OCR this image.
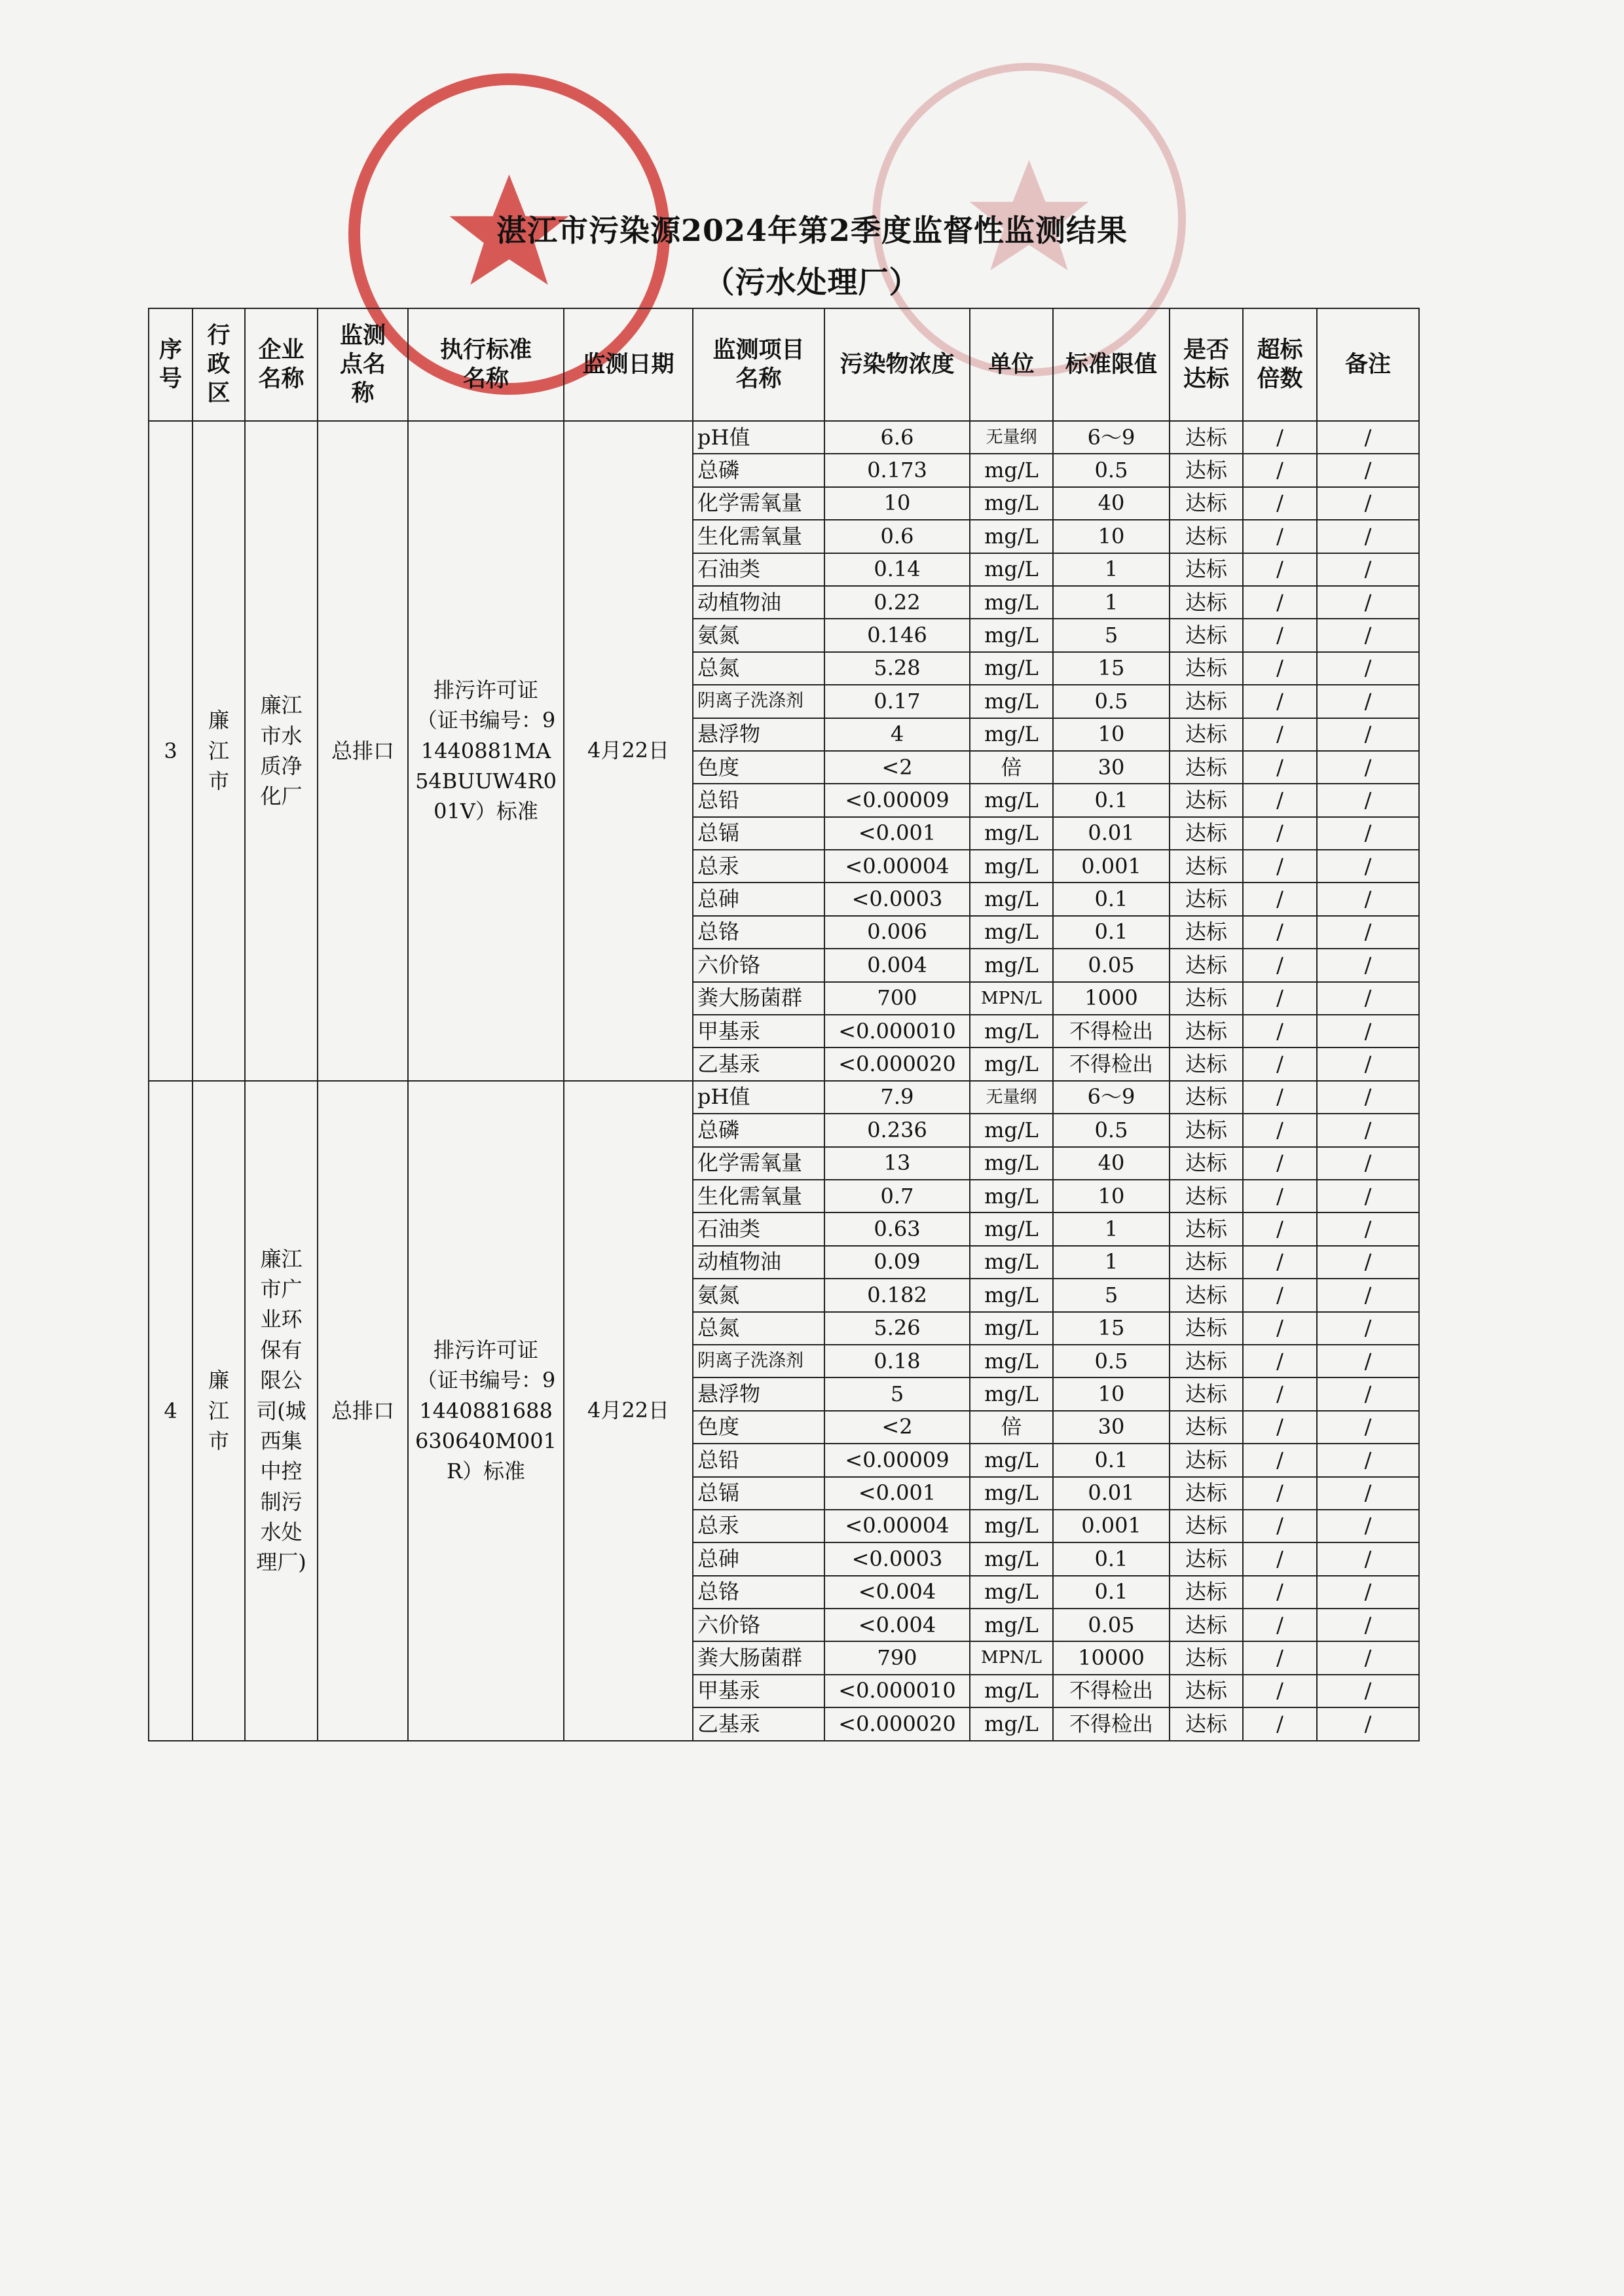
湛江市污染源2024年第2季度监督性监测结果
（污水处理厂）
序号	行政区	企业名称	监测点名称	执行标准名称	监测日期	监测项目名称	污染物浓度	单位	标准限值	是否达标	超标倍数	备注
3	廉江市	廉江市水质净化厂	总排口	排污许可证（证书编号：91440881MA54BUUW4R001V）标准	4月22日	pH值	6.6	无量纲	6～9	达标	/	/
						总磷	0.173	mg/L	0.5	达标	/	/
						化学需氧量	10	mg/L	40	达标	/	/
						生化需氧量	0.6	mg/L	10	达标	/	/
						石油类	0.14	mg/L	1	达标	/	/
						动植物油	0.22	mg/L	1	达标	/	/
						氨氮	0.146	mg/L	5	达标	/	/
						总氮	5.28	mg/L	15	达标	/	/
						阴离子洗涤剂	0.17	mg/L	0.5	达标	/	/
						悬浮物	4	mg/L	10	达标	/	/
						色度	<2	倍	30	达标	/	/
						总铅	<0.00009	mg/L	0.1	达标	/	/
						总镉	<0.001	mg/L	0.01	达标	/	/
						总汞	<0.00004	mg/L	0.001	达标	/	/
						总砷	<0.0003	mg/L	0.1	达标	/	/
						总铬	0.006	mg/L	0.1	达标	/	/
						六价铬	0.004	mg/L	0.05	达标	/	/
						粪大肠菌群	700	MPN/L	1000	达标	/	/
						甲基汞	<0.000010	mg/L	不得检出	达标	/	/
						乙基汞	<0.000020	mg/L	不得检出	达标	/	/
4	廉江市	廉江市广业环保有限公司(城西集中控制污水处理厂)	总排口	排污许可证（证书编号：91440881688630640M001R）标准	4月22日	pH值	7.9	无量纲	6～9	达标	/	/
						总磷	0.236	mg/L	0.5	达标	/	/
						化学需氧量	13	mg/L	40	达标	/	/
						生化需氧量	0.7	mg/L	10	达标	/	/
						石油类	0.63	mg/L	1	达标	/	/
						动植物油	0.09	mg/L	1	达标	/	/
						氨氮	0.182	mg/L	5	达标	/	/
						总氮	5.26	mg/L	15	达标	/	/
						阴离子洗涤剂	0.18	mg/L	0.5	达标	/	/
						悬浮物	5	mg/L	10	达标	/	/
						色度	<2	倍	30	达标	/	/
						总铅	<0.00009	mg/L	0.1	达标	/	/
						总镉	<0.001	mg/L	0.01	达标	/	/
						总汞	<0.00004	mg/L	0.001	达标	/	/
						总砷	<0.0003	mg/L	0.1	达标	/	/
						总铬	<0.004	mg/L	0.1	达标	/	/
						六价铬	<0.004	mg/L	0.05	达标	/	/
						粪大肠菌群	790	MPN/L	10000	达标	/	/
						甲基汞	<0.000010	mg/L	不得检出	达标	/	/
						乙基汞	<0.000020	mg/L	不得检出	达标	/	/
